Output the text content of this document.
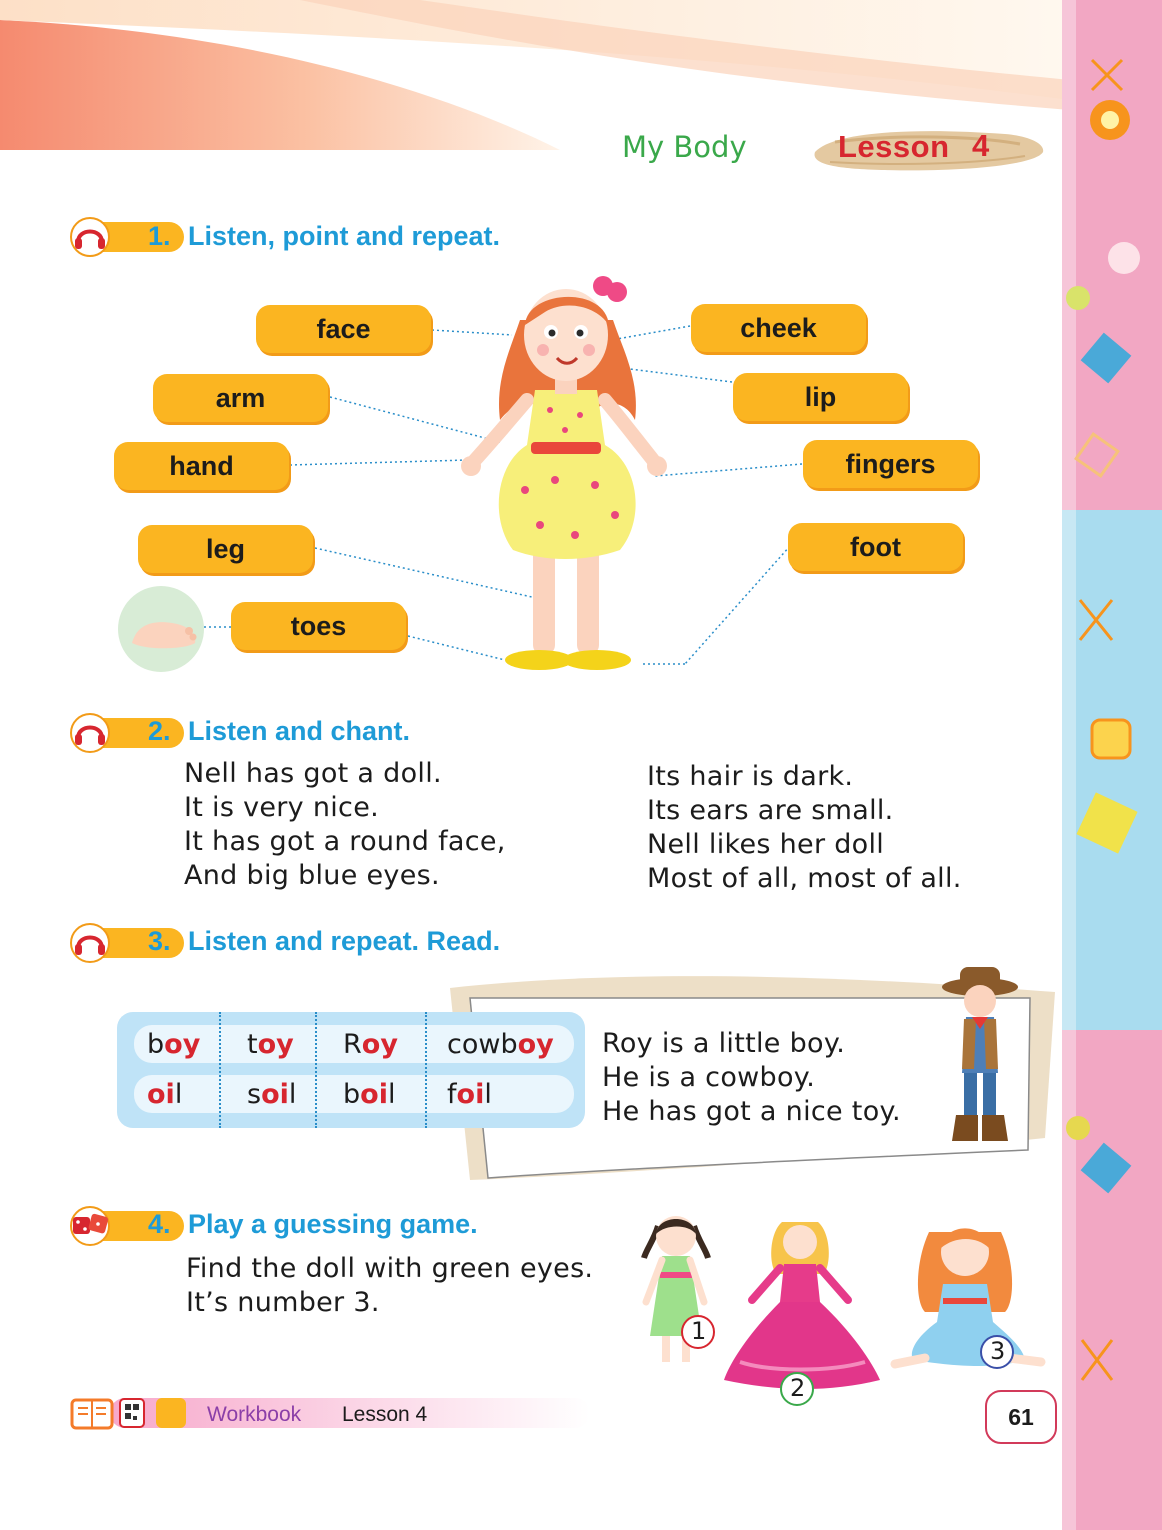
My Body	Lesson 4
1. Listen, point and repeat.
face
arm
hand
leg
toes
cheek
lip
fingers
foot
2. Listen and chant.
Nell has got a doll.
It is very nice.
It has got a round face,
And big blue eyes.
Its hair is dark.
Its ears are small.
Nell likes her doll
Most of all, most of all.
3. Listen and repeat. Read.
boy toy Roy cowboy
oil soil boil foil
Roy is a little boy.
He is a cowboy.
He has got a nice toy.
4. Play a guessing game.
Find the doll with green eyes.
It’s number 3.
1
2
3
Workbook Lesson 4	61
